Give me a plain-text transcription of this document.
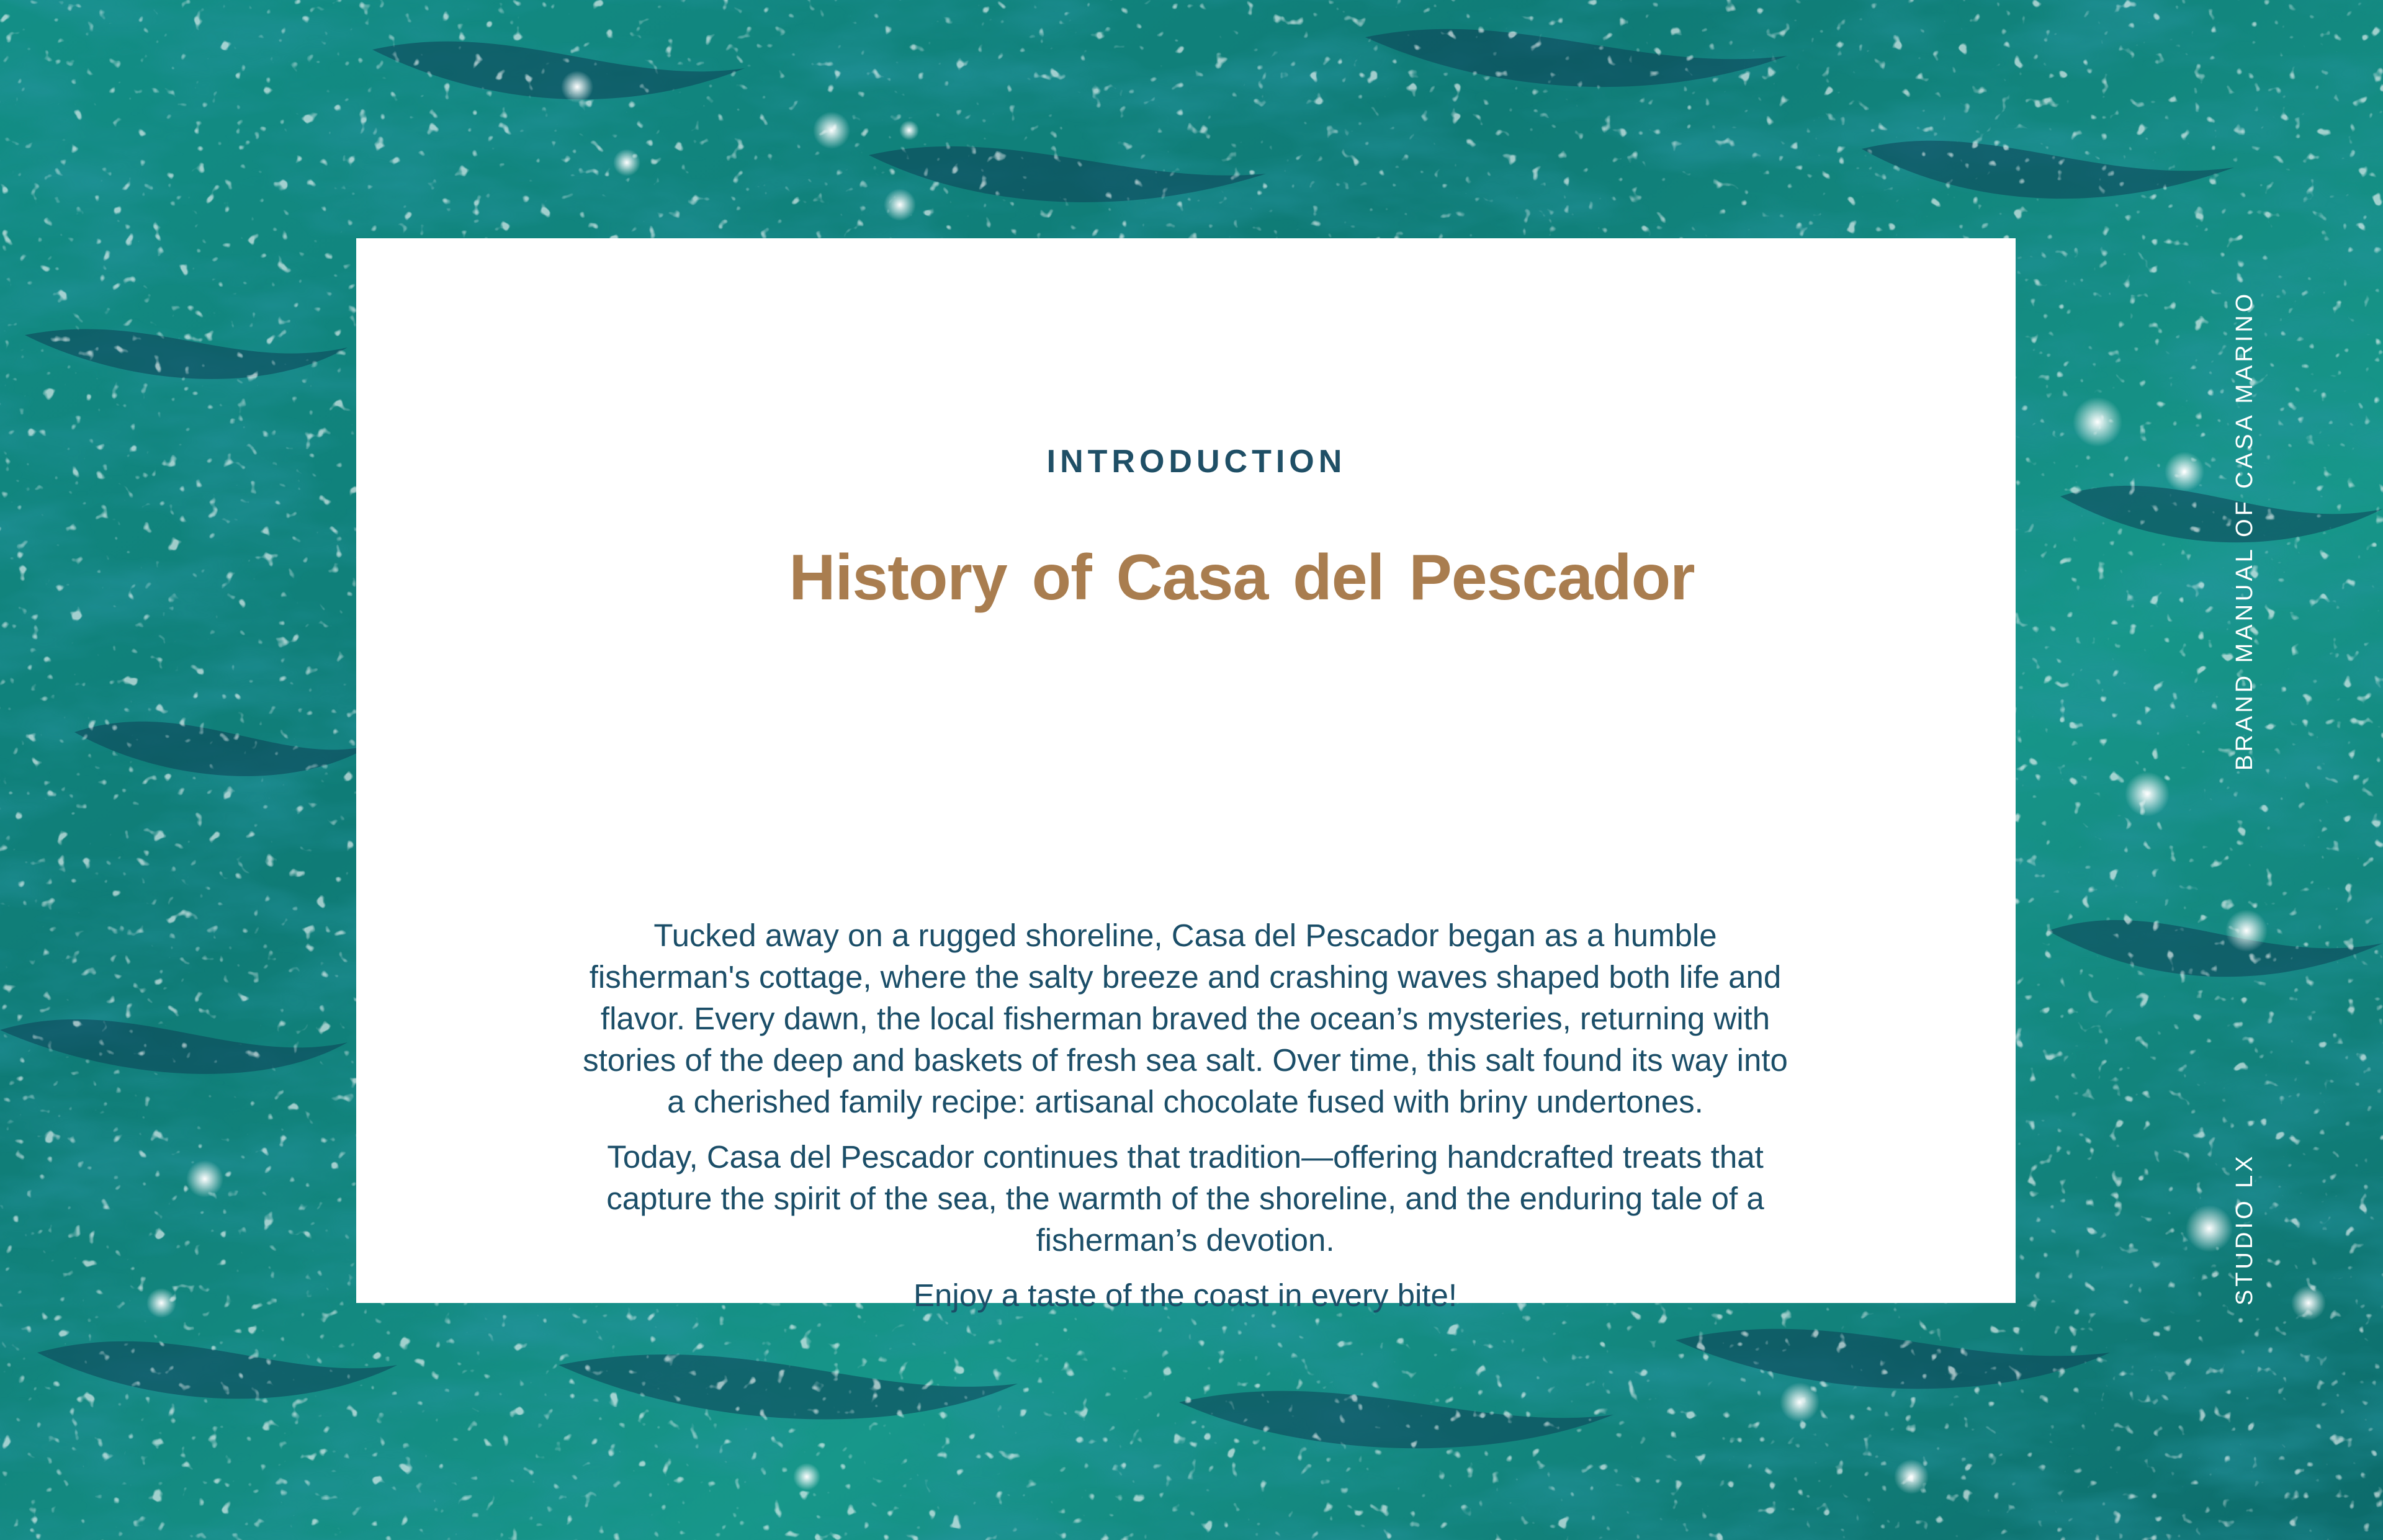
INTRODUCTION
History of Casa del Pescador

Tucked away on a rugged shoreline, Casa del Pescador began as a humble fisherman's cottage, where the salty breeze and crashing waves shaped both life and flavor. Every dawn, the local fisherman braved the ocean’s mysteries, returning with stories of the deep and baskets of fresh sea salt. Over time, this salt found its way into a cherished family recipe: artisanal chocolate fused with briny undertones.

Today, Casa del Pescador continues that tradition—offering handcrafted treats that capture the spirit of the sea, the warmth of the shoreline, and the enduring tale of a fisherman’s devotion.

Enjoy a taste of the coast in every bite!

BRAND MANUAL OF CASA MARINO
STUDIO LX
